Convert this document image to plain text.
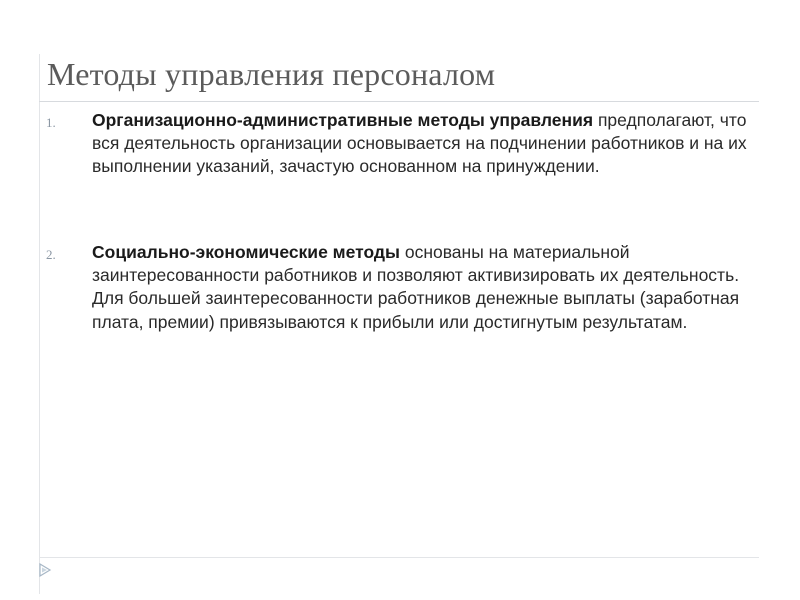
Методы управления персоналом
1. Организационно-административные методы управления предполагают, что вся деятельность организации основывается на подчинении работников и на их выполнении указаний, зачастую основанном на принуждении.
2. Социально-экономические методы основаны на материальной заинтересованности работников и позволяют активизировать их деятельность. Для большей заинтересованности работников денежные выплаты (заработная плата, премии) привязываются к прибыли или достигнутым результатам.
